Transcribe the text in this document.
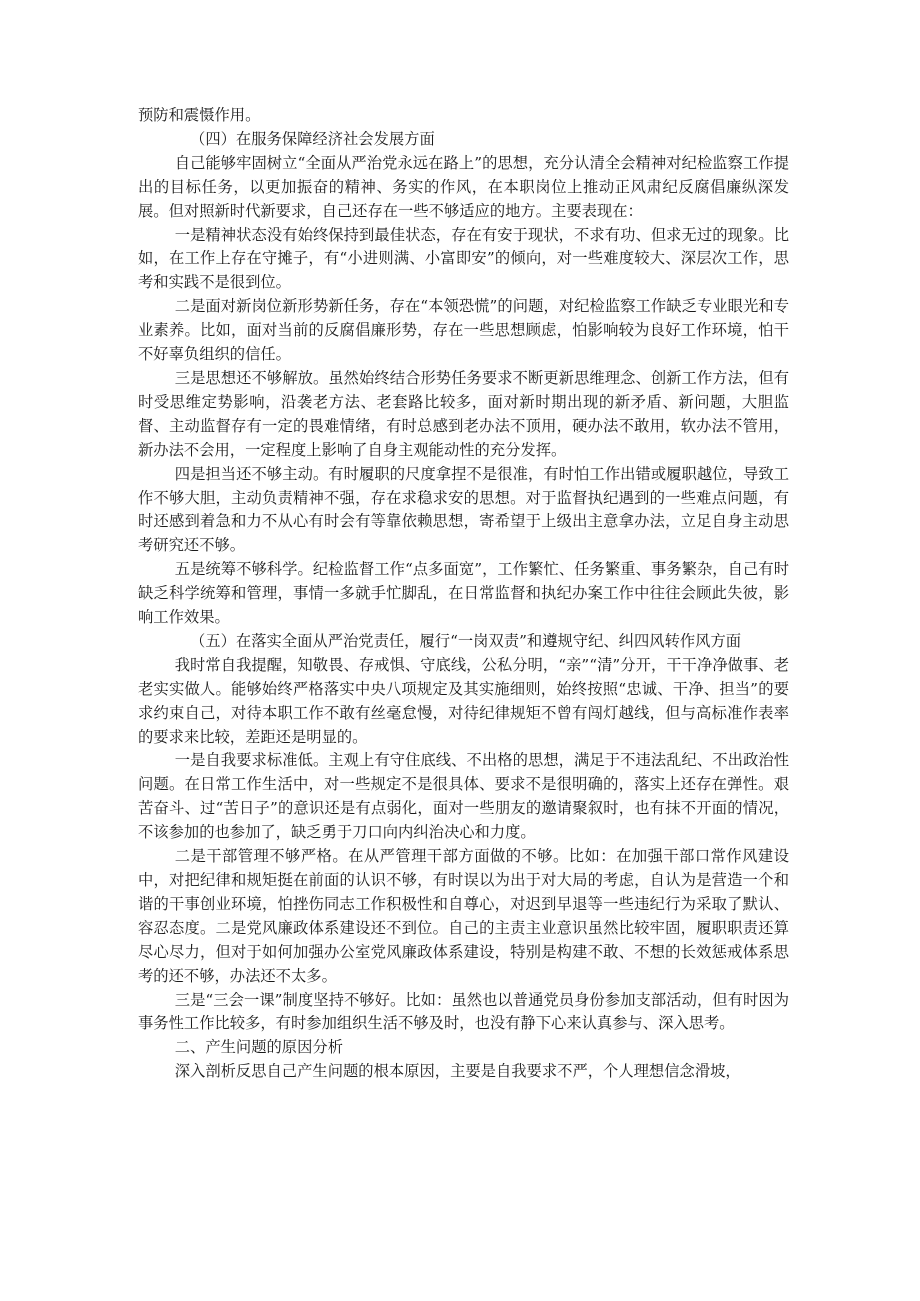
预防和震慑作用。

（四）在服务保障经济社会发展方面

自己能够牢固树立“全面从严治党永远在路上”的思想，充分认清全会精神对纪检监察工作提出的目标任务，以更加振奋的精神、务实的作风，在本职岗位上推动正风肃纪反腐倡廉纵深发展。但对照新时代新要求，自己还存在一些不够适应的地方。主要表现在：

一是精神状态没有始终保持到最佳状态，存在有安于现状，不求有功、但求无过的现象。比如，在工作上存在守摊子，有“小进则满、小富即安”的倾向，对一些难度较大、深层次工作，思考和实践不是很到位。

二是面对新岗位新形势新任务，存在“本领恐慌”的问题，对纪检监察工作缺乏专业眼光和专业素养。比如，面对当前的反腐倡廉形势，存在一些思想顾虑，怕影响较为良好工作环境，怕干不好辜负组织的信任。

三是思想还不够解放。虽然始终结合形势任务要求不断更新思维理念、创新工作方法，但有时受思维定势影响，沿袭老方法、老套路比较多，面对新时期出现的新矛盾、新问题，大胆监督、主动监督存有一定的畏难情绪，有时总感到老办法不顶用，硬办法不敢用，软办法不管用，新办法不会用，一定程度上影响了自身主观能动性的充分发挥。

四是担当还不够主动。有时履职的尺度拿捏不是很准，有时怕工作出错或履职越位，导致工作不够大胆，主动负责精神不强，存在求稳求安的思想。对于监督执纪遇到的一些难点问题，有时还感到着急和力不从心有时会有等靠依赖思想，寄希望于上级出主意拿办法，立足自身主动思考研究还不够。

五是统筹不够科学。纪检监督工作“点多面宽”，工作繁忙、任务繁重、事务繁杂，自己有时缺乏科学统筹和管理，事情一多就手忙脚乱，在日常监督和执纪办案工作中往往会顾此失彼，影响工作效果。

（五）在落实全面从严治党责任，履行“一岗双责”和遵规守纪、纠四风转作风方面

我时常自我提醒，知敬畏、存戒惧、守底线，公私分明，“亲”“清”分开，干干净净做事、老老实实做人。能够始终严格落实中央八项规定及其实施细则，始终按照“忠诚、干净、担当”的要求约束自己，对待本职工作不敢有丝毫怠慢，对待纪律规矩不曾有闯灯越线，但与高标准作表率的要求来比较，差距还是明显的。

一是自我要求标准低。主观上有守住底线、不出格的思想，满足于不违法乱纪、不出政治性问题。在日常工作生活中，对一些规定不是很具体、要求不是很明确的，落实上还存在弹性。艰苦奋斗、过“苦日子”的意识还是有点弱化，面对一些朋友的邀请聚叙时，也有抹不开面的情况，不该参加的也参加了，缺乏勇于刀口向内纠治决心和力度。

二是干部管理不够严格。在从严管理干部方面做的不够。比如：在加强干部口常作风建设中，对把纪律和规矩挺在前面的认识不够，有时误以为出于对大局的考虑，自认为是营造一个和谐的干事创业环境，怕挫伤同志工作积极性和自尊心，对迟到早退等一些违纪行为采取了默认、容忍态度。二是党风廉政体系建设还不到位。自己的主责主业意识虽然比较牢固，履职职责还算尽心尽力，但对于如何加强办公室党风廉政体系建设，特别是构建不敢、不想的长效惩戒体系思考的还不够，办法还不太多。

三是“三会一课”制度坚持不够好。比如：虽然也以普通党员身份参加支部活动，但有时因为事务性工作比较多，有时参加组织生活不够及时，也没有静下心来认真参与、深入思考。

二、产生问题的原因分析

深入剖析反思自己产生问题的根本原因，主要是自我要求不严，个人理想信念滑坡，
